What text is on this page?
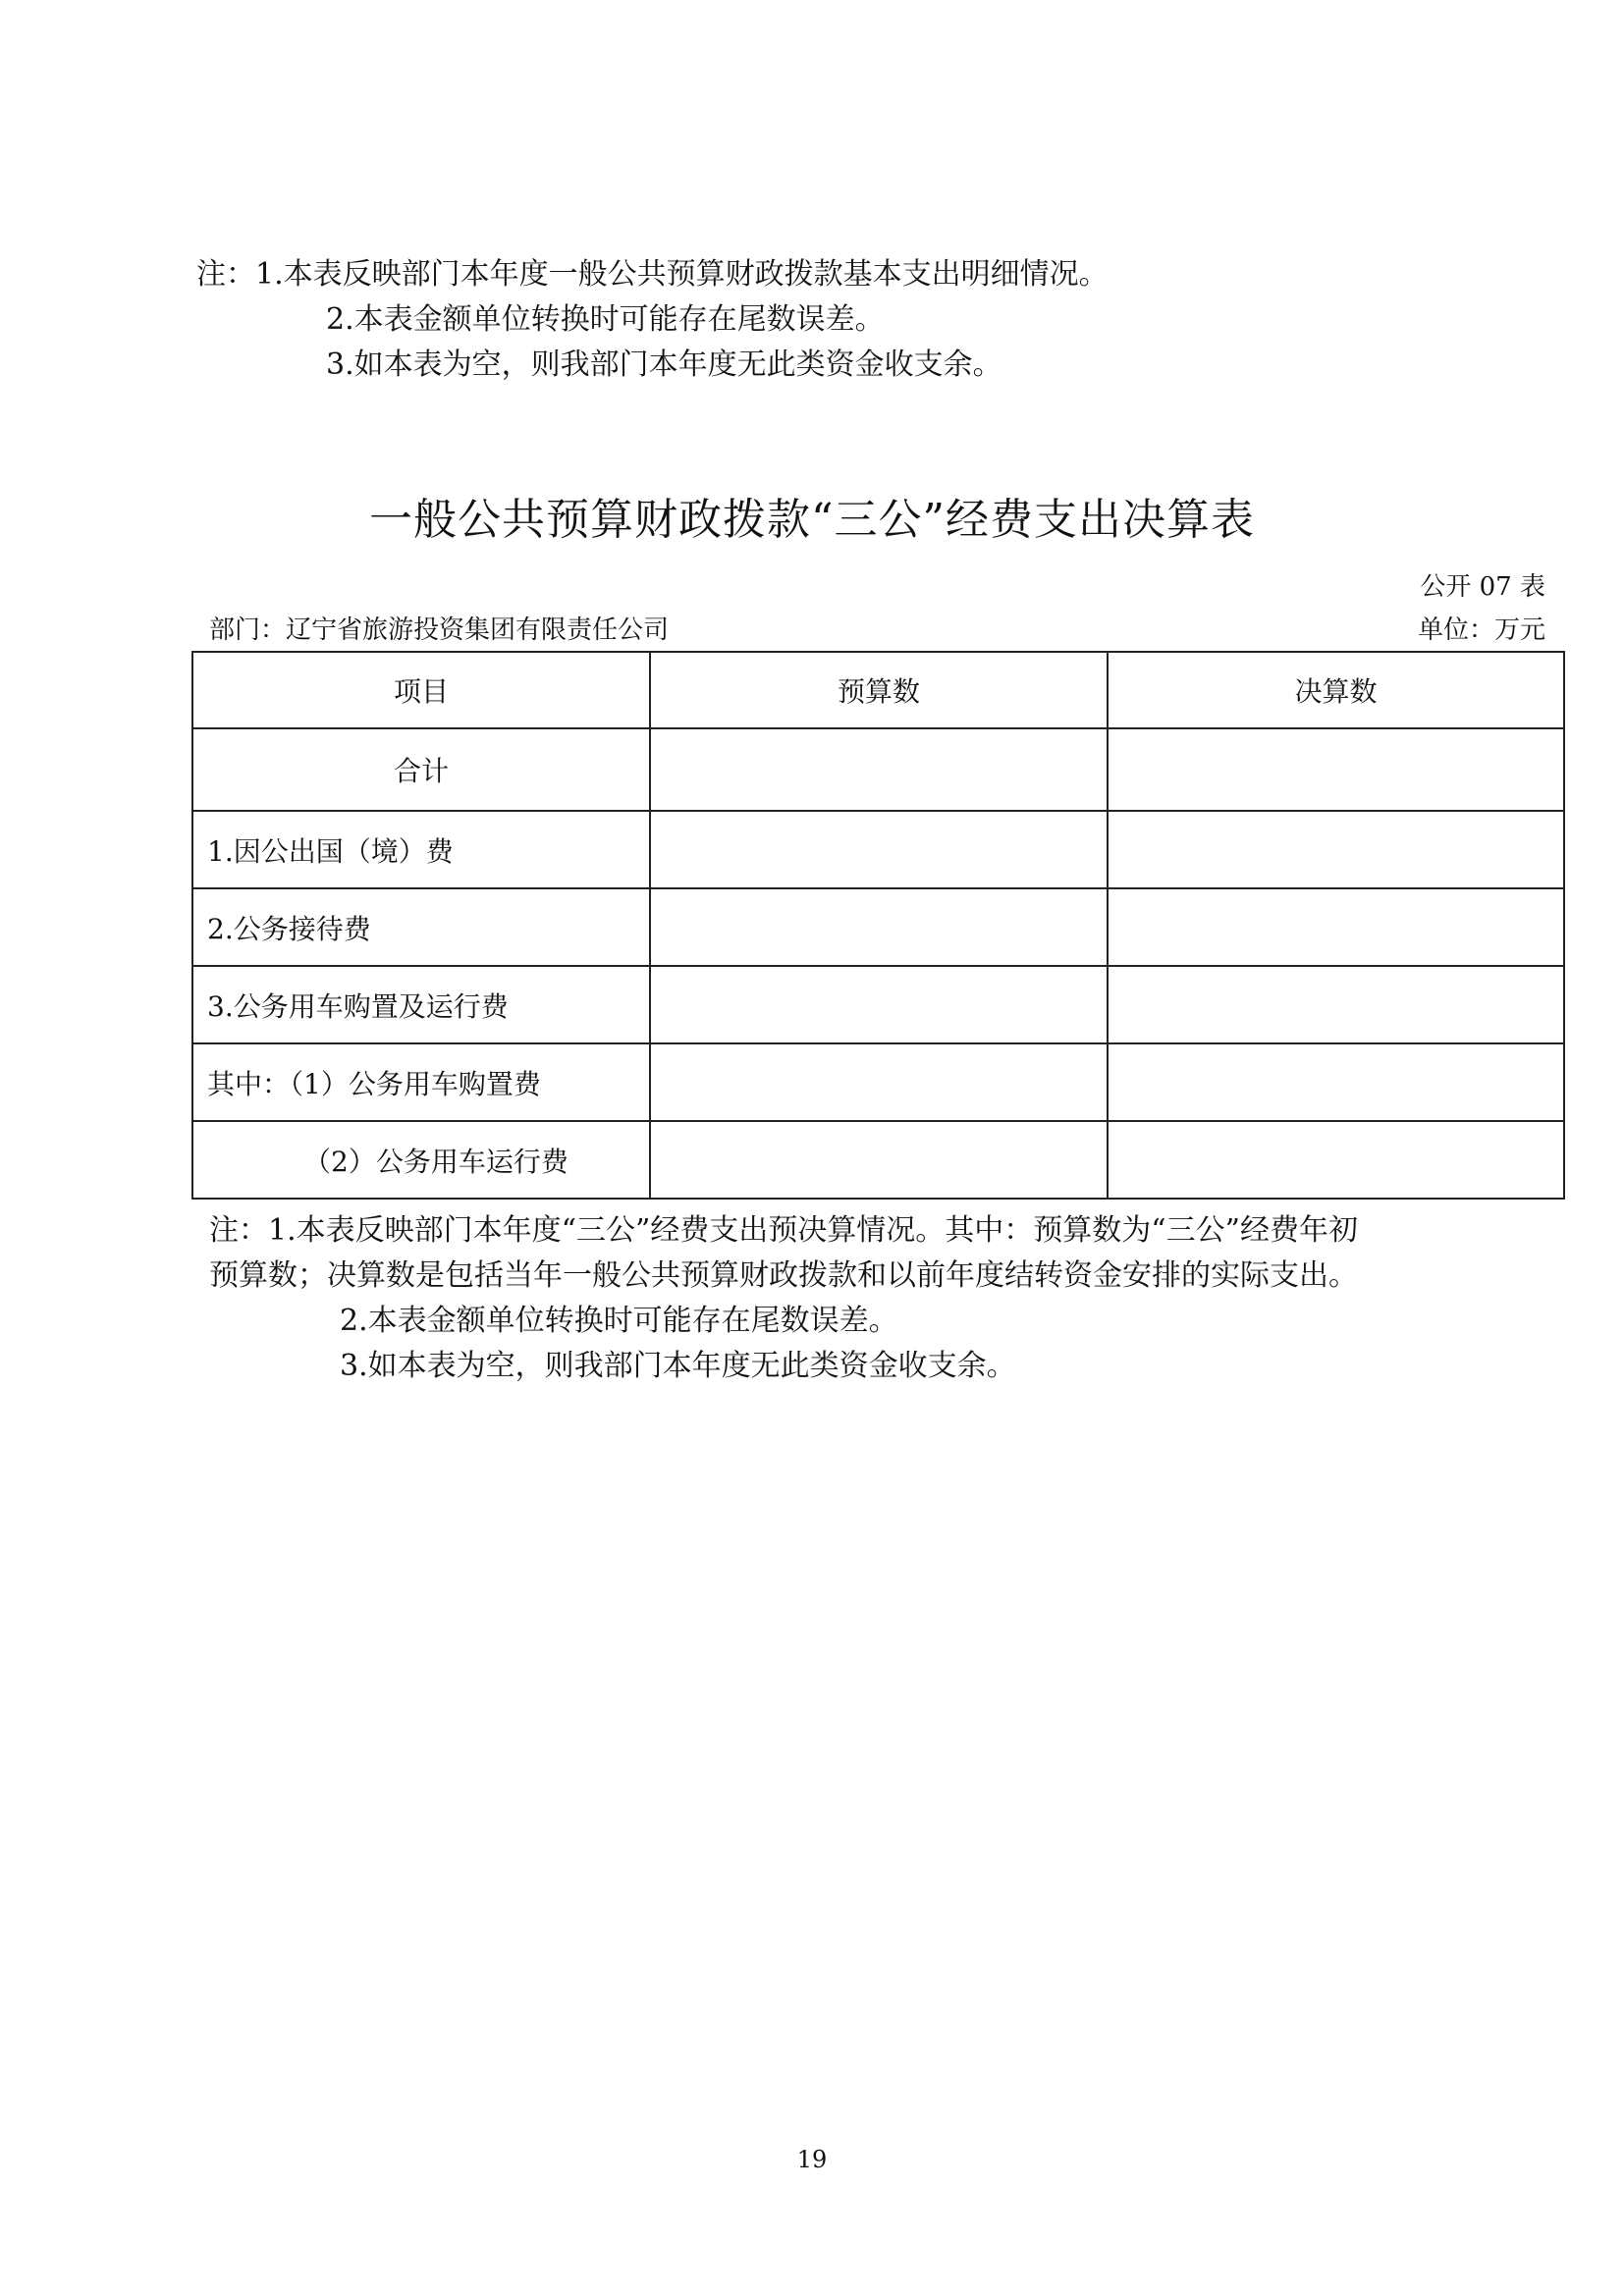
注：1.本表反映部门本年度一般公共预算财政拨款基本支出明细情况。
2.本表金额单位转换时可能存在尾数误差。
3.如本表为空，则我部门本年度无此类资金收支余。
一般公共预算财政拨款“三公”经费支出决算表
公开 07 表
部门：辽宁省旅游投资集团有限责任公司	单位：万元
项目	预算数	决算数
合计		
1.因公出国（境）费		
2.公务接待费		
3.公务用车购置及运行费		
其中：（1）公务用车购置费		
（2）公务用车运行费		
注：1.本表反映部门本年度“三公”经费支出预决算情况。其中：预算数为“三公”经费年初
预算数；决算数是包括当年一般公共预算财政拨款和以前年度结转资金安排的实际支出。
2.本表金额单位转换时可能存在尾数误差。
3.如本表为空，则我部门本年度无此类资金收支余。
19
